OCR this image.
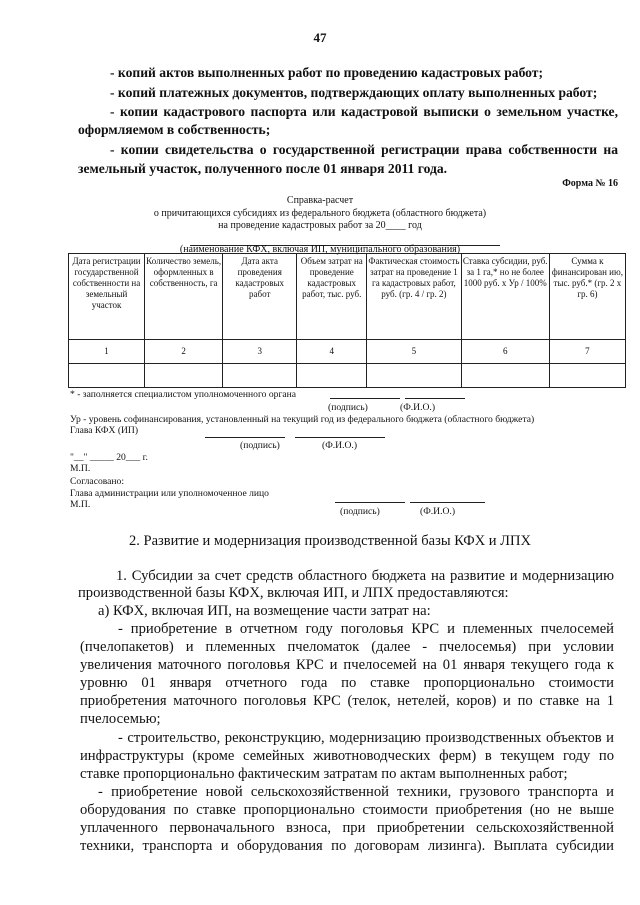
47
- копий актов выполненных работ по проведению кадастровых работ;
- копий платежных документов, подтверждающих оплату выполненных работ;
- копии кадастрового паспорта или кадастровой выписки о земельном участке,
оформляемом в собственность;
- копии свидетельства о государственной регистрации права собственности на
земельный участок, полученного после 01 января 2011 года.
Форма № 16
Справка-расчет
о причитающихся субсидиях из федерального бюджета (областного бюджета)
на проведение кадастровых работ за 20____ год
(наименование КФХ, включая ИП, муниципального образования)
Дата регистрации государственной собственности на земельный участок	Количество земель, оформленных в собственность, га	Дата акта проведения кадастровых работ	Объем затрат на проведение кадастровых работ, тыс. руб.	Фактическая стоимость затрат на проведение 1 га кадастровых работ, руб. (гр. 4 / гр. 2)	Ставка субсидии, руб. за 1 га,* но не более 1000 руб. х Ур / 100%	Сумма к финансирован ию, тыс. руб.* (гр. 2 х гр. 6)
1	2	3	4	5	6	7

* - заполняется специалистом уполномоченного органа
(подпись)	(Ф.И.О.)
Ур - уровень софинансирования, установленный на текущий год из федерального бюджета (областного бюджета)
Глава КФХ (ИП)
(подпись)	(Ф.И.О.)
"__" _____ 20___ г.
М.П.
Согласовано:
Глава администрации или уполномоченное лицо
М.П.
(подпись)	(Ф.И.О.)
2. Развитие и модернизация производственной базы КФХ и ЛПХ
1. Субсидии за счет средств областного бюджета на развитие и модернизацию
производственной базы КФХ, включая ИП, и ЛПХ предоставляются:
а) КФХ, включая ИП, на возмещение части затрат на:
- приобретение в отчетном году поголовья КРС и племенных пчелосемей
(пчелопакетов) и племенных пчеломаток (далее - пчелосемья) при условии
увеличения маточного поголовья КРС и пчелосемей на 01 января текущего года к
уровню 01 января отчетного года по ставке пропорционально стоимости
приобретения маточного поголовья КРС (телок, нетелей, коров) и по ставке на 1
пчелосемью;
- строительство, реконструкцию, модернизацию производственных объектов и
инфраструктуры (кроме семейных животноводческих ферм) в текущем году по
ставке пропорционально фактическим затратам по актам выполненных работ;
- приобретение новой сельскохозяйственной техники, грузового транспорта и
оборудования по ставке пропорционально стоимости приобретения (но не выше
уплаченного первоначального взноса, при приобретении сельскохозяйственной
техники, транспорта и оборудования по договорам лизинга). Выплата субсидии
